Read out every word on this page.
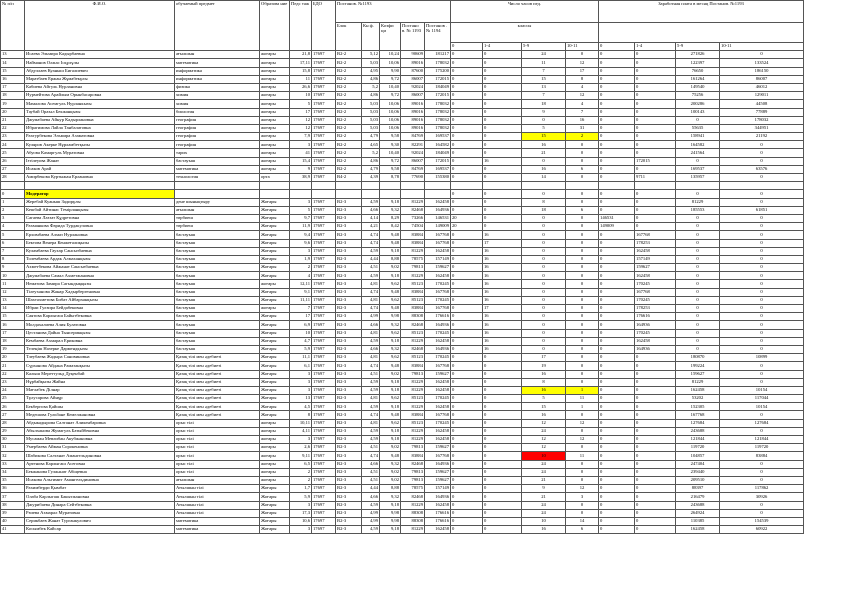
№ п/п	Ф.И.О.	обучаемый предмет	Образова ние	Педс таж	БДО	Постанов. №1193					Число часов пед.				Заработная плата в месяц Постанов. №1193			
						Блок	Кн ф.	Коэфи ци	Постано в. № 1193	Постанов . № 1194	классы							
											0	1-4	5-9	10-11	0	1-4	5-9	10-11
13	Исаева Эльмира Кадырбаевна	ағылшын	жоғары	21,8	17697	В2-2	5,12	10,24	90609	181217	0	0	24	0	0	0	271826	0
14	Найманов Олжас Ісқұлұлы	математика	жоғары	17,11	17697	В2-2	5,03	10,06	89016	178032	0	0	11	12	0	0	122397	133524
15	Абдуллаев Куаныш Бигалиевич	информатика	жоғары	15,8	17697	В2-2	4,95	9,90	87600	175200	0	0	7	17	0	0	76650	186150
16	Маратбаев Ержан Жұмабекұлы	информатика	жоғары	11	17697	В2-2	4,86	9,72	86007	172015	0	0	15	8	0	0	161264	86007
17	Кабиева Айгуль Нурлановна	физика	жоғары	26,6	17697	В2-2	5,2	10,40	92024	184049	0	0	13	4	0	0	149540	46012
18	Нурмейтова Арайлым Орынбасаровна	химия	жоғары	10	17697	В2-2	4,86	9,72	86007	172015	0	0	7	12	0	0	75256	129011
19	Мамалова Асемгуль Нурланкызы	химия	жоғары	5	17697	В2-2	5,03	10,06	89016	178032	0	0	18	4	0	0	200286	44508
20	Таубай Оразәл Бекжанқызы	биология	жоғары	17	17697	В2-2	5,03	10,06	89016	178032	0	0	9	7	0	0	100143	77889
21	Джумабаева Айнур Кадырлановна	география	жоғары	12	17697	В2-2	5,03	10,06	89016	178032	0	0	0	16	0	0	0	178032
22	Ибрагимова Лайла Танбалатовна	география	жоғары	12	17697	В2-2	5,03	10,06	89016	178032	0	0	5	31	0	0	55635	344951
23	Рахтурбекова Эльмира Азаматовна	география	жоғары	7,9	17697	В2-2	4,79	9,58	84769	169537	0	0	15	2	0	0	158941	21192
24	Куляров Акерке Нұрламбетқызы	география	жоғары	3	17697	В2-2	4,65	9,30	82291	164582	0	0	16	0	0	0	164582	0
25	Абуова Камаргуль Муратовна	тарих	жоғары	41	17697	В2-2	5,2	10,40	92024	184049	0	0	21	0	0	0	241564	0
26	Ізтілеуова Жанат	бастауыш	жоғары	15,4	17697	В2-2	4,86	9,72	86007	172015	0	16	0	0	0	172015	0	0
27	Исаков Арай	математика	жоғары	9	17697	В2-2	4,79	9,58	84769	169537	0	0	16	6	0	0	169537	63576
28	Амирбекова Куртыжан Ерлановна	технология	орта	38,9	17697	В4-2	4,39	8,78	77690	155380	0	0	14	0	0	9711	135957	0

0	Модератор										0	0	0	0	0	0	0	0
1	Жеребай Куаныш Задирұлы	денe шынықтыру	Жоғары	3	17697	В2-3	4,59	9,18	81229	162458	0	0	8	0	0	0	81229	0
2	Кешбай Айтинас Темірланқызы	ағылшын	Жоғары	5	17697	В2-3	4,66	9,32	82468	164936	0	0	18	6	0	0	185553	61851
3	Сагаева Лаззат Құдретовна	төрбиеш	Жоғары	9,7	17697	В2-3	4,14	8,29	73266	146531	20	0	0	0	146531	0	0	0
4	Рахманкова Фарида Турдакуловна	төрбиеш	Жоғары	11,9	17697	В2-3	4,21	8,42	74504	149009	20	0	0	0	149009	0	0	0
5	Ерхимбаева Алмаз Нурлановна	бастауыш	Жоғары	9,4	17697	В2-3	4,74	9,48	83884	167768	0	16	0	0	0	167768	0	0
6	Бектова Венера Кенжеғалиқызы	бастауыш	Жоғары	9,6	17697	В2-3	4,74	9,48	83884	167768	0	17	0	0	0	178253	0	0
7	Куламбаева Гаухар Сансызбаевна	бастауыш	Жоғары	3	17697	В2-3	4,59	9,18	81229	162458	0	16	0	0	0	162458	0	0
8	Толембаева Ардак Алмаханқызы	бастауыш	Жоғары	1,9	17697	В2-3	4,44	8,88	78575	157149	0	16	0	0	0	157149	0	0
9	Ахметбекова Айжанат Сансызбаевна	бастауыш	Жоғары	2	17697	В2-3	4,51	9,02	79813	159627	0	16	0	0	0	159627	0	0
10	Джумабаева Самал Ахметжановна	бастауыш	Жоғары	4	17697	В2-3	4,59	9,18	81229	162458	0	16	0	0	0	162458	0	0
11	Нематова Замира Сагындыққызы	бастауыш	жоғары	12,11	17697	В2-3	4,81	9,62	85123	170245	0	16	0	0	0	170245	0	0
12	Тілеуханова Жанар Хадырбергеновна	бастауыш	Жоғары	9,1	17697	В2-3	4,74	9,48	83884	167768	0	16	0	0	0	167768	0	0
13	Шахтахметова Бибат Айбарханқызы	бастауыш	Жоғары	11,11	17697	В2-3	4,81	9,62	85123	170245	0	16	0	0	0	170245	0	0
14	Ибраи Гулзира Бейдабековна	бастауыш	жоғары	7	17697	В2-3	4,74	9,48	83884	167768	0	17	0	0	0	178253	0	0
15	Саятова Карлыгаш Байытбековна	бастауыш	Жоғары	17	17697	В2-3	4,99	9,98	88308	176616	0	16	0	0	0	176616	0	0
16	Молдахалиева Алия Булатовна	бастауыш	Жоғары	6,9	17697	В2-3	4,66	9,32	82468	164936	0	16	0	0	0	164936	0	0
17	Цестанова Дайна Тынсерикқызы	бастауыш	Жоғары	10	17697	В2-3	4,81	9,62	85123	170245	0	16	0	0	0	170245	0	0
18	Кембаева Ахмарал Ериковна	бастауыш	Жоғары	4,7	17697	В2-3	4,59	9,18	81229	162458	0	16	0	0	0	162458	0	0
19	Телеңіш Назерке Дармендқызы	бастауыш	Жоғары	5,9	17697	В2-3	4,66	9,32	82468	164936	0	16	0	0	0	164936	0	0
20	Тлеубаева Жадыра Сановиновна	Қазақ тілі мен әдебиеті	Жоғары	11,1	17697	В2-3	4,81	9,62	85123	170245	0	0	17	0	0	0	180870	10899
21	Сүрханова Айдана Рамазанқызы	Қазақ тілі мен әдебиеті	Жоғары	6,1	17697	В2-3	4,74	9,48	83884	167768	0	0	19	0	0	0	199224	0
22	Калыш Мереттульд Дуқенбай	Қазақ тілі мен әдебиеті	Жоғары	3	17697	В2-3	4,51	9,02	79813	159627	0	0	16	0	0	0	159627	0
23	Нұрбайқызы Жайна	Қазақ тілі мен әдебиеті	Жоғары	3	17697	В2-3	4,59	9,18	81229	162458	0	0	8	0	0	0	81229	0
24	Мағлабек Ділнар	Қазақ тілі мен әдебиеті	Жоғары	3	17697	В2-3	4,59	9,18	81229	162458	0	0	16	1	0	0	162458	10154
25	Тұлусарова Айнұр	Қазақ тілі мен әдебиеті	Жоғары	13	17697	В2-3	4,81	9,62	85123	170245	0	0	5	11	0	0	53202	117044
26	Бекбергова Қайшы	Қазақ тілі мен әдебиеті	Жоғары	4,5	17697	В2-3	4,59	9,18	81229	162458	0	0	15	1	0	0	152305	10154
27	Медешова Гульбане Кемелжановна	Қазақ тілі мен әдебиеті	Жоғары	8	17697	В2-3	4,74	9,48	83884	167768	0	0	16	0	0	0	167768	0
28	Абдыкадырова Салтанат Аликенбаровна	орыс тілі	жоғары	10,11	17697	В2-3	4,81	9,62	85123	170245	0	0	12	12	0	0	127684	127684
29	Абылханова Жумагуль Батыйбековна	орыс тілі	жоғары	4,11	17697	В2-3	4,59	9,18	81229	162458	0	0	24	0	0	0	243688	0
30	Мусаман Мевлибан Акубжановна	орыс тілі	жоғары	3	17697	В2-3	4,59	9,18	81229	162458	0	0	12	12	0	0	121844	121844
31	Умербаева Айман Сорокеновна	орыс тілі	жоғары	2,6	17697	В2-3	4,51	9,02	79813	159627	0	0	12	0	0	0	119720	119720
32	Шабикова Салтанат Амангельдиновна	орыс тілі	жоғары	9,11	17697	В2-3	4,74	9,48	83884	167768	0	0	10	11	0	0	104857	83884
33	Артенова Карлыгаш Асеговна	орыс тілі	жоғары	6,5	17697	В2-3	4,66	9,32	82468	164936	0	0	24	0	0	0	247404	0
34	Бекжанова Гулжәнат Абіщевна	орыс тілі	жоғары	2	17697	В2-3	4,51	9,02	79813	159627	0	0	24	0	0	0	239440	0
35	Исакова Альгимит Амангельдиновна	ағылшын	жоғары	2	17697	В2-3	4,51	9,02	79813	159627	0	0	21	0	0	0	209510	0
36	Рахимберди Қымбат	Ағылшын тілі	Жоғары	1,7	17697	В2-3	4,44	8,88	78575	157149	0	0	9	12	0	0	88397	117862
37	Олаба Карлыгаш Бакытжановна	Ағылшын тілі	Жоғары	5,9	17697	В2-3	4,66	9,32	82468	164936	0	0	21	3	0	0	216479	30926
38	Джурибаева Динара Сейтбековна	Ағылшын тілі	Жоғары	3	17697	В2-3	4,59	9,18	81229	162458	0	0	24	0	0	0	243688	0
39	Рзиева Ахмарал Муратовна	Ағылшын тілі	Жоғары	17,3	17697	В2-3	4,99	9,98	88308	176616	0	0	24	0	0	0	264924	0
40	Серикбаев Жанат Турганкулович	математика	Жоғары	10,6	17697	В2-3	4,99	9,98	88308	176616	0	0	10	14	0	0	110385	154539
41	Косымбек Кайсар	математика	Жоғары	3	17697	В2-3	4,59	9,18	81229	162458	0	0	16	6	0	0	162458	60922
